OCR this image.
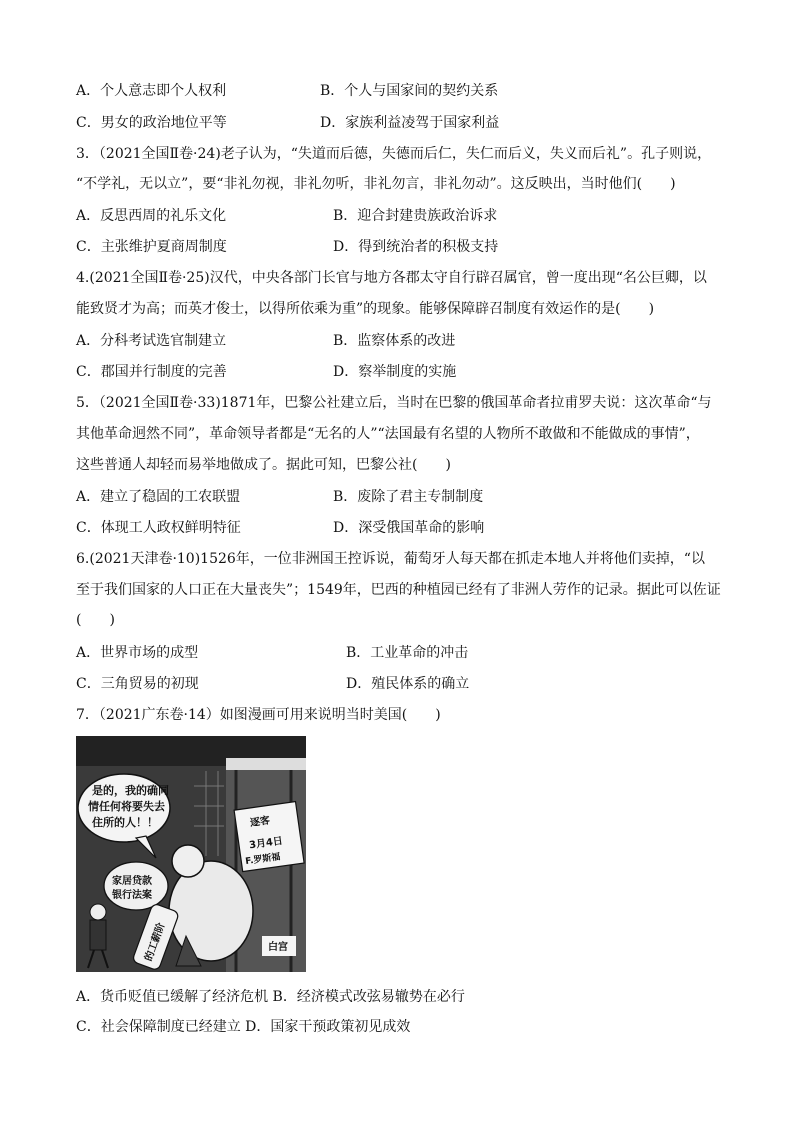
A．个人意志即个人权利	B．个人与国家间的契约关系
C．男女的政治地位平等	D．家族利益凌驾于国家利益
3．（2021全国Ⅱ卷·24)老子认为，“失道而后德，失德而后仁，失仁而后义，失义而后礼”。孔子则说，
“不学礼，无以立”，要“非礼勿视，非礼勿听，非礼勿言，非礼勿动”。这反映出，当时他们(　　)
A．反思西周的礼乐文化	B．迎合封建贵族政治诉求
C．主张维护夏商周制度	D．得到统治者的积极支持
4.(2021全国Ⅱ卷·25)汉代，中央各部门长官与地方各郡太守自行辟召属官，曾一度出现“名公巨卿，以
能致贤才为高；而英才俊士，以得所依乘为重”的现象。能够保障辟召制度有效运作的是(　　)
A．分科考试选官制建立	B．监察体系的改进
C．郡国并行制度的完善	D．察举制度的实施
5．（2021全国Ⅱ卷·33)1871年，巴黎公社建立后，当时在巴黎的俄国革命者拉甫罗夫说：这次革命“与
其他革命迥然不同”，革命领导者都是“无名的人”“法国最有名望的人物所不敢做和不能做成的事情”，
这些普通人却轻而易举地做成了。据此可知，巴黎公社(　　)
A．建立了稳固的工农联盟	B．废除了君主专制制度
C．体现工人政权鲜明特征	D．深受俄国革命的影响
6.(2021天津卷·10)1526年，一位非洲国王控诉说，葡萄牙人每天都在抓走本地人并将他们卖掉，“以
至于我们国家的人口正在大量丧失”；1549年，巴西的种植园已经有了非洲人劳作的记录。据此可以佐证
(　　)
A．世界市场的成型	B．工业革命的冲击
C．三角贸易的初现	D．殖民体系的确立
7．（2021广东卷·14）如图漫画可用来说明当时美国(　　)
是的，我的确同
情任何将要失去
住所的人！！	逐客
3月4日
F.罗斯福
家居贷款
银行法案
的工薪阶	白宫
A．货币贬值已缓解了经济危机 B．经济模式改弦易辙势在必行
C．社会保障制度已经建立 D．国家干预政策初见成效
